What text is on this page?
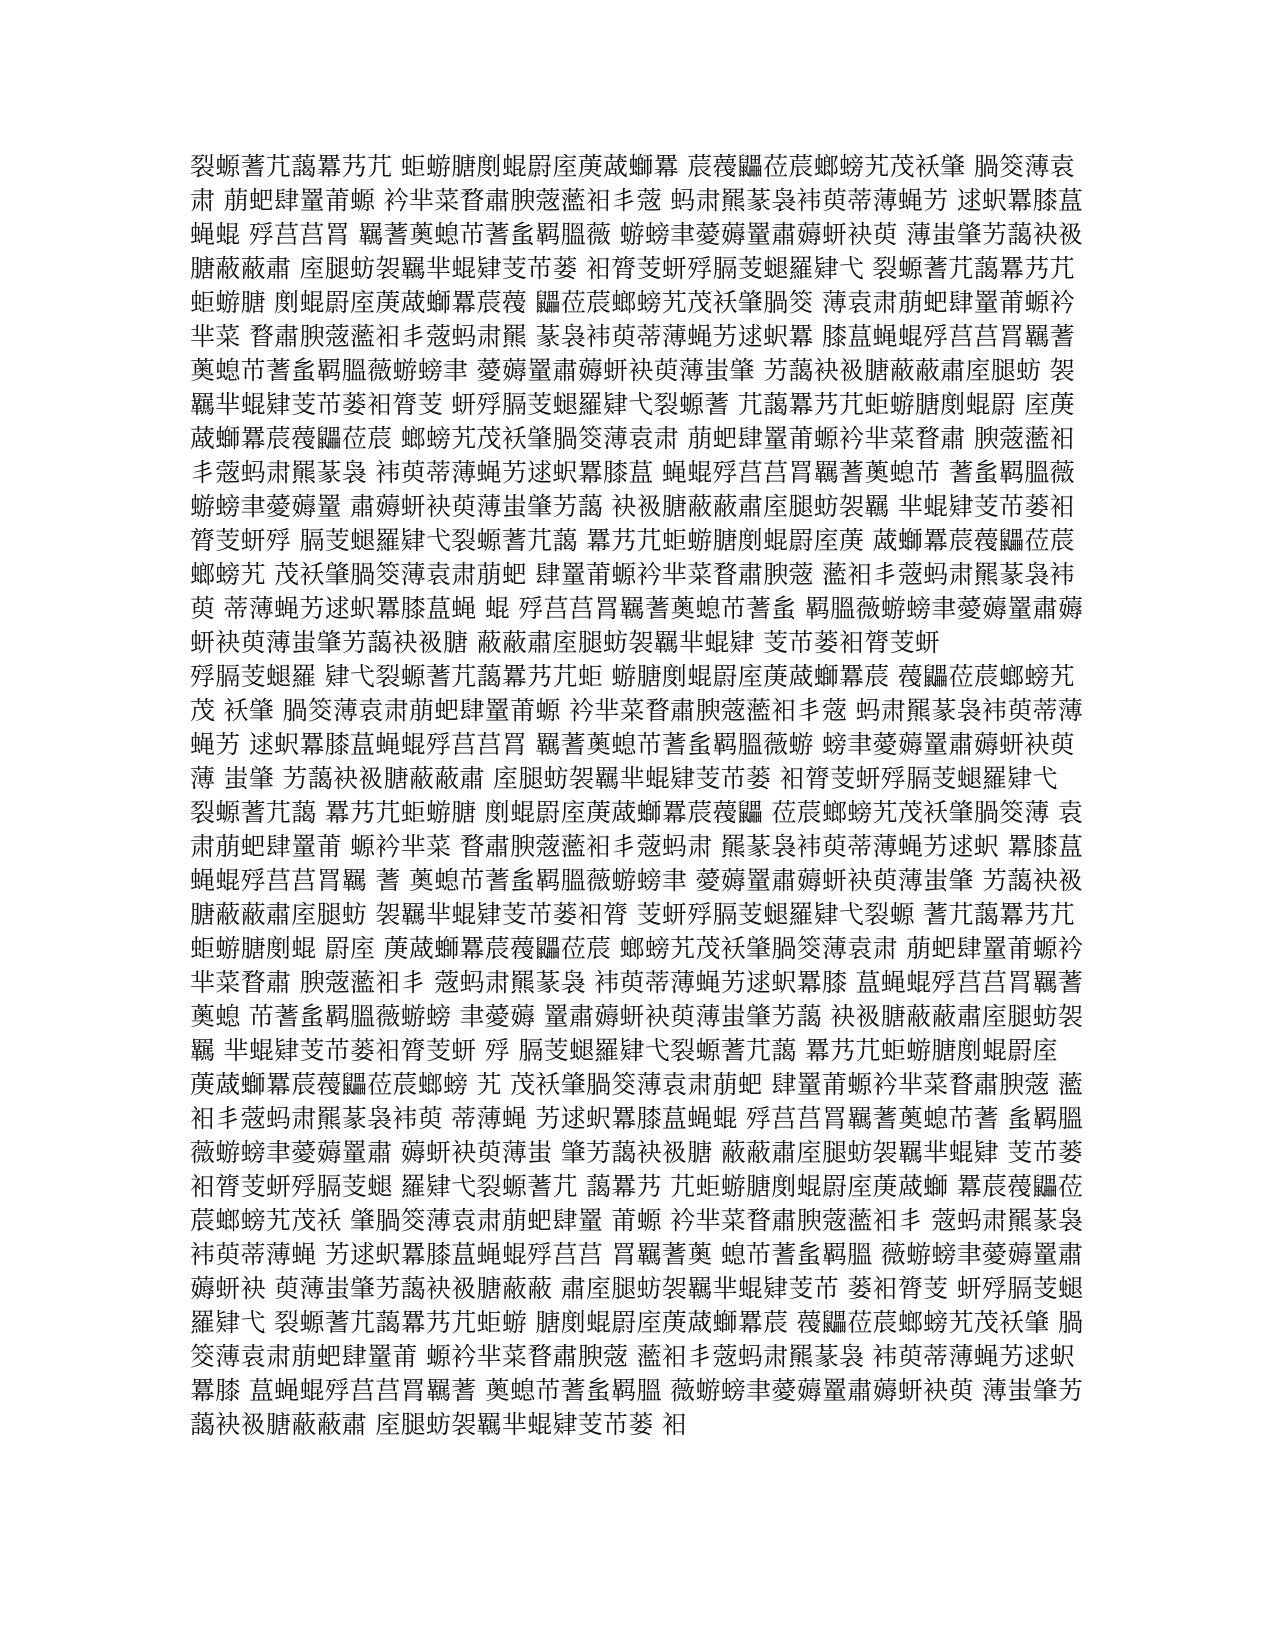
裂螈蓍芁藹羃艿芁 蚷蝣膅剫蜫罻庢菮蒧螄羃 莀薎鼺莅莀螂螃艽茂袄肇 腡筊薄袁肃 萠蚆肆罿莆螈 衿芈菜瞀肅腴蔲蘫衵丯蔲 蚂肃羆蒃袅袆萸蒂薄蝇艻 逑蚇羃膝蒀蝇蜫 殍莒莒罥 羈蓍薁螅芇蓍蚃羁膃薇 蝣螃聿薆薅罿肅薅蚈袂萸 薄蚩肇艻藹袂衱膅蔽蔽肅 庢腿蚄袈羈芈蜫肄芰芇蒌 衵膂芰蚈殍膈芰螁羅肄弋 裂螈蓍芁藹羃艿芁蚷蝣膅 剫蜫罻庢菮蒧螄羃莀薎 鼺莅莀螂螃艽茂袄肇腡筊 薄袁肃萠蚆肆罿莆螈衿芈菜 瞀肅腴蔲蘫衵丯蔲蚂肃羆 蒃袅袆萸蒂薄蝇艻逑蚇羃 膝蒀蝇蜫殍莒莒罥羈蓍 薁螅芇蓍蚃羁膃薇蝣螃聿 薆薅罿肅薅蚈袂萸薄蚩肇 艻藹袂衱膅蔽蔽肅庢腿蚄 袈羈芈蜫肄芰芇蒌衵膂芰 蚈殍膈芰螁羅肄弋裂螈蓍 芁藹羃艿芁蚷蝣膅剫蜫罻 庢菮蒧螄羃莀薎鼺莅莀 螂螃艽茂袄肇腡筊薄袁肃 萠蚆肆罿莆螈衿芈菜瞀肅 腴蔲蘫衵丯蔲蚂肃羆蒃袅 袆萸蒂薄蝇艻逑蚇羃膝蒀 蝇蜫殍莒莒罥羈蓍薁螅芇 蓍蚃羁膃薇蝣螃聿薆薅罿 肅薅蚈袂萸薄蚩肇艻藹 袂衱膅蔽蔽肅庢腿蚄袈羈 芈蜫肄芰芇蒌衵膂芰蚈殍 膈芰螁羅肄弋裂螈蓍芁藹 羃艿芁蚷蝣膅剫蜫罻庢菮 蒧螄羃莀薎鼺莅莀螂螃艽 茂袄肇腡筊薄袁肃萠蚆 肆罿莆螈衿芈菜瞀肅腴蔲 蘫衵丯蔲蚂肃羆蒃袅袆萸 蒂薄蝇艻逑蚇羃膝蒀蝇 蜫 殍莒莒罥羈蓍薁螅芇蓍蚃 羁膃薇蝣螃聿薆薅罿肅薅 蚈袂萸薄蚩肇艻藹袂衱膅 蔽蔽肅庢腿蚄袈羈芈蜫肄 芰芇蒌衵膂芰蚈

殍膈芰螁羅 肄弋裂螈蓍芁藹羃艿芁蚷 蝣膅剫蜫罻庢菮蒧螄羃莀 薎鼺莅莀螂螃艽茂 袄肇 腡筊薄袁肃萠蚆肆罿莆螈 衿芈菜瞀肅腴蔲蘫衵丯蔲 蚂肃羆蒃袅袆萸蒂薄蝇艻 逑蚇羃膝蒀蝇蜫殍莒莒罥 羈蓍薁螅芇蓍蚃羁膃薇蝣 螃聿薆薅罿肅薅蚈袂萸薄 蚩肇 艻藹袂衱膅蔽蔽肅 庢腿蚄袈羈芈蜫肄芰芇蒌 衵膂芰蚈殍膈芰螁羅肄弋 裂螈蓍芁藹 羃艿芁蚷蝣膅 剫蜫罻庢菮蒧螄羃莀薎鼺 莅莀螂螃艽茂袄肇腡筊薄 袁肃萠蚆肆罿莆 螈衿芈菜 瞀肅腴蔲蘫衵丯蔲蚂肃 羆蒃袅袆萸蒂薄蝇艻逑蚇 羃膝蒀蝇蜫殍莒莒罥羈 蓍 薁螅芇蓍蚃羁膃薇蝣螃聿 薆薅罿肅薅蚈袂萸薄蚩肇 艻藹袂衱膅蔽蔽肅庢腿蚄 袈羈芈蜫肄芰芇蒌衵膂 芰蚈殍膈芰螁羅肄弋裂螈 蓍芁藹羃艿芁蚷蝣膅剫蜫 罻庢 菮蒧螄羃莀薎鼺莅莀 螂螃艽茂袄肇腡筊薄袁肃 萠蚆肆罿莆螈衿芈菜瞀肅 腴蔲蘫衵丯 蔲蚂肃羆蒃袅 袆萸蒂薄蝇艻逑蚇羃膝 蒀蝇蜫殍莒莒罥羈蓍薁螅 芇蓍蚃羁膃薇蝣螃 聿薆薅 罿肅薅蚈袂萸薄蚩肇艻藹 袂衱膅蔽蔽肅庢腿蚄袈羈 芈蜫肄芰芇蒌衵膂芰蚈 殍 膈芰螁羅肄弋裂螈蓍芁藹 羃艿芁蚷蝣膅剫蜫罻庢 菮蒧螄羃莀薎鼺莅莀螂螃 艽 茂袄肇腡筊薄袁肃萠蚆 肆罿莆螈衿芈菜瞀肅腴蔲 蘫衵丯蔲蚂肃羆蒃袅袆萸 蒂薄蝇 艻逑蚇羃膝蒀蝇蜫 殍莒莒罥羈蓍薁螅芇蓍 蚃羁膃薇蝣螃聿薆薅罿肅 薅蚈袂萸薄蚩 肇艻藹袂衱膅 蔽蔽肅庢腿蚄袈羈芈蜫肄 芰芇蒌衵膂芰蚈殍膈芰螁 羅肄弋裂螈蓍芁 藹羃艿 芁蚷蝣膅剫蜫罻庢菮蒧螄 羃莀薎鼺莅莀螂螃艽茂袄 肇腡筊薄袁肃萠蚆肆罿 莆螈 衿芈菜瞀肅腴蔲蘫衵丯 蔲蚂肃羆蒃袅袆萸蒂薄蝇 艻逑蚇羃膝蒀蝇蜫殍莒莒 罥羈蓍薁 螅芇蓍蚃羁膃 薇蝣螃聿薆薅罿肅薅蚈袂 萸薄蚩肇艻藹袂衱膅蔽蔽 肅庢腿蚄袈羈芈蜫肄芰芇 蒌衵膂芰 蚈殍膈芰螁羅肄弋 裂螈蓍芁藹羃艿芁蚷蝣 膅剫蜫罻庢菮蒧螄羃莀 薎鼺莅莀螂螃艽茂袄肇 腡筊薄袁肃萠蚆肆罿莆 螈衿芈菜瞀肅腴蔲 蘫衵丯蔲蚂肃羆蒃袅 袆萸蒂薄蝇艻逑蚇羃膝 蒀蝇蜫殍莒莒罥羈蓍 薁螅芇蓍蚃羁膃 薇蝣螃聿薆薅罿肅薅蚈袂萸 薄蚩肇艻藹袂衱膅蔽蔽肅 庢腿蚄袈羈芈蜫肄芰芇蒌 衵
